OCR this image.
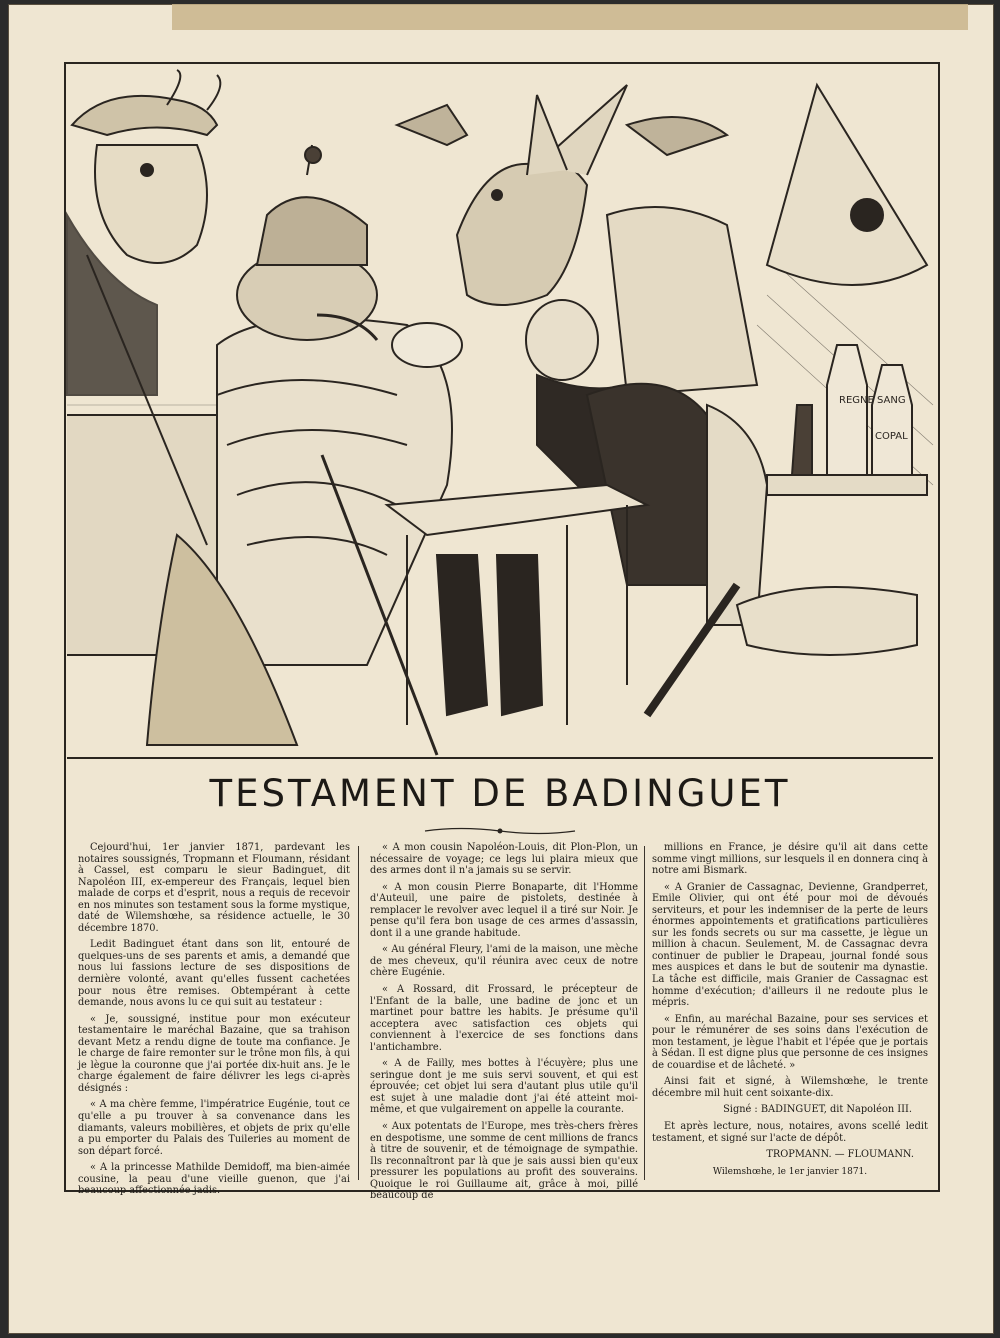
REGNE SANG
COPAL
TESTAMENT DE BADINGUET

Cejourd'hui, 1er janvier 1871, pardevant les notaires soussignés, Tropmann et Floumann, résidant à Cassel, est comparu le sieur Badinguet, dit Napoléon III, ex-empereur des Français, lequel bien malade de corps et d'esprit, nous a requis de recevoir en nos minutes son testament sous la forme mystique, daté de Wilemshœhe, sa résidence actuelle, le 30 décembre 1870.

Ledit Badinguet étant dans son lit, entouré de quelques-uns de ses parents et amis, a demandé que nous lui fassions lecture de ses dispositions de dernière volonté, avant qu'elles fussent cachetées pour nous être remises. Obtempérant à cette demande, nous avons lu ce qui suit au testateur :

« Je, soussigné, institue pour mon exécuteur testamentaire le maréchal Bazaine, que sa trahison devant Metz a rendu digne de toute ma confiance. Je le charge de faire remonter sur le trône mon fils, à qui je lègue la couronne que j'ai portée dix-huit ans. Je le charge également de faire délivrer les legs ci-après désignés :

« A ma chère femme, l'impératrice Eugénie, tout ce qu'elle a pu trouver à sa convenance dans les diamants, valeurs mobilières, et objets de prix qu'elle a pu emporter du Palais des Tuileries au moment de son départ forcé.

« A la princesse Mathilde Demidoff, ma bien-aimée cousine, la peau d'une vieille guenon, que j'ai beaucoup affectionnée jadis.

« A mon cousin Napoléon-Louis, dit Plon-Plon, un nécessaire de voyage; ce legs lui plaira mieux que des armes dont il n'a jamais su se servir.

« A mon cousin Pierre Bonaparte, dit l'Homme d'Auteuil, une paire de pistolets, destinée à remplacer le revolver avec lequel il a tiré sur Noir. Je pense qu'il fera bon usage de ces armes d'assassin, dont il a une grande habitude.

« Au général Fleury, l'ami de la maison, une mèche de mes cheveux, qu'il réunira avec ceux de notre chère Eugénie.

« A Rossard, dit Frossard, le précepteur de l'Enfant de la balle, une badine de jonc et un martinet pour battre les habits. Je présume qu'il acceptera avec satisfaction ces objets qui conviennent à l'exercice de ses fonctions dans l'antichambre.

« A de Failly, mes bottes à l'écuyère; plus une seringue dont je me suis servi souvent, et qui est éprouvée; cet objet lui sera d'autant plus utile qu'il est sujet à une maladie dont j'ai été atteint moi-même, et que vulgairement on appelle la courante.

« Aux potentats de l'Europe, mes très-chers frères en despotisme, une somme de cent millions de francs à titre de souvenir, et de témoignage de sympathie. Ils reconnaîtront par là que je sais aussi bien qu'eux pressurer les populations au profit des souverains. Quoique le roi Guillaume ait, grâce à moi, pillé beaucoup de

millions en France, je désire qu'il ait dans cette somme vingt millions, sur lesquels il en donnera cinq à notre ami Bismark.

« A Granier de Cassagnac, Devienne, Grandperret, Emile Olivier, qui ont été pour moi de dévoués serviteurs, et pour les indemniser de la perte de leurs énormes appointements et gratifications particulières sur les fonds secrets ou sur ma cassette, je lègue un million à chacun. Seulement, M. de Cassagnac devra continuer de publier le Drapeau, journal fondé sous mes auspices et dans le but de soutenir ma dynastie. La tâche est difficile, mais Granier de Cassagnac est homme d'exécution; d'ailleurs il ne redoute plus le mépris.

« Enfin, au maréchal Bazaine, pour ses services et pour le rémunérer de ses soins dans l'exécution de mon testament, je lègue l'habit et l'épée que je portais à Sédan. Il est digne plus que personne de ces insignes de couardise et de lâcheté. »

Ainsi fait et signé, à Wilemshœhe, le trente décembre mil huit cent soixante-dix.

Signé : BADINGUET, dit Napoléon III.

Et après lecture, nous, notaires, avons scellé ledit testament, et signé sur l'acte de dépôt.

TROPMANN. — FLOUMANN.

Wilemshœhe, le 1er janvier 1871.
